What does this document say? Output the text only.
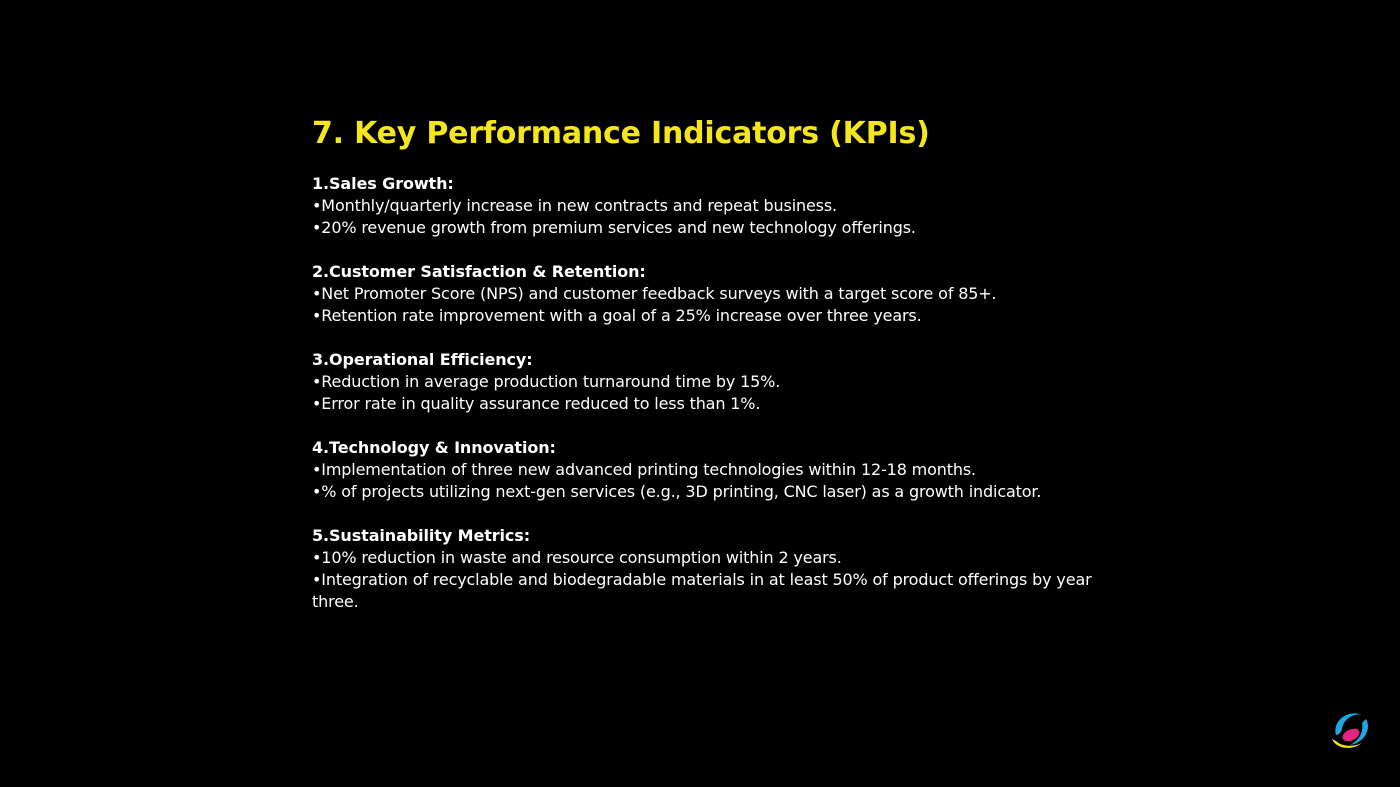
7. Key Performance Indicators (KPIs)
1.Sales Growth:
•Monthly/quarterly increase in new contracts and repeat business.
•20% revenue growth from premium services and new technology offerings.
2.Customer Satisfaction & Retention:
•Net Promoter Score (NPS) and customer feedback surveys with a target score of 85+.
•Retention rate improvement with a goal of a 25% increase over three years.
3.Operational Efficiency:
•Reduction in average production turnaround time by 15%.
•Error rate in quality assurance reduced to less than 1%.
4.Technology & Innovation:
•Implementation of three new advanced printing technologies within 12-18 months.
•% of projects utilizing next-gen services (e.g., 3D printing, CNC laser) as a growth indicator.
5.Sustainability Metrics:
•10% reduction in waste and resource consumption within 2 years.
•Integration of recyclable and biodegradable materials in at least 50% of product offerings by year three.
